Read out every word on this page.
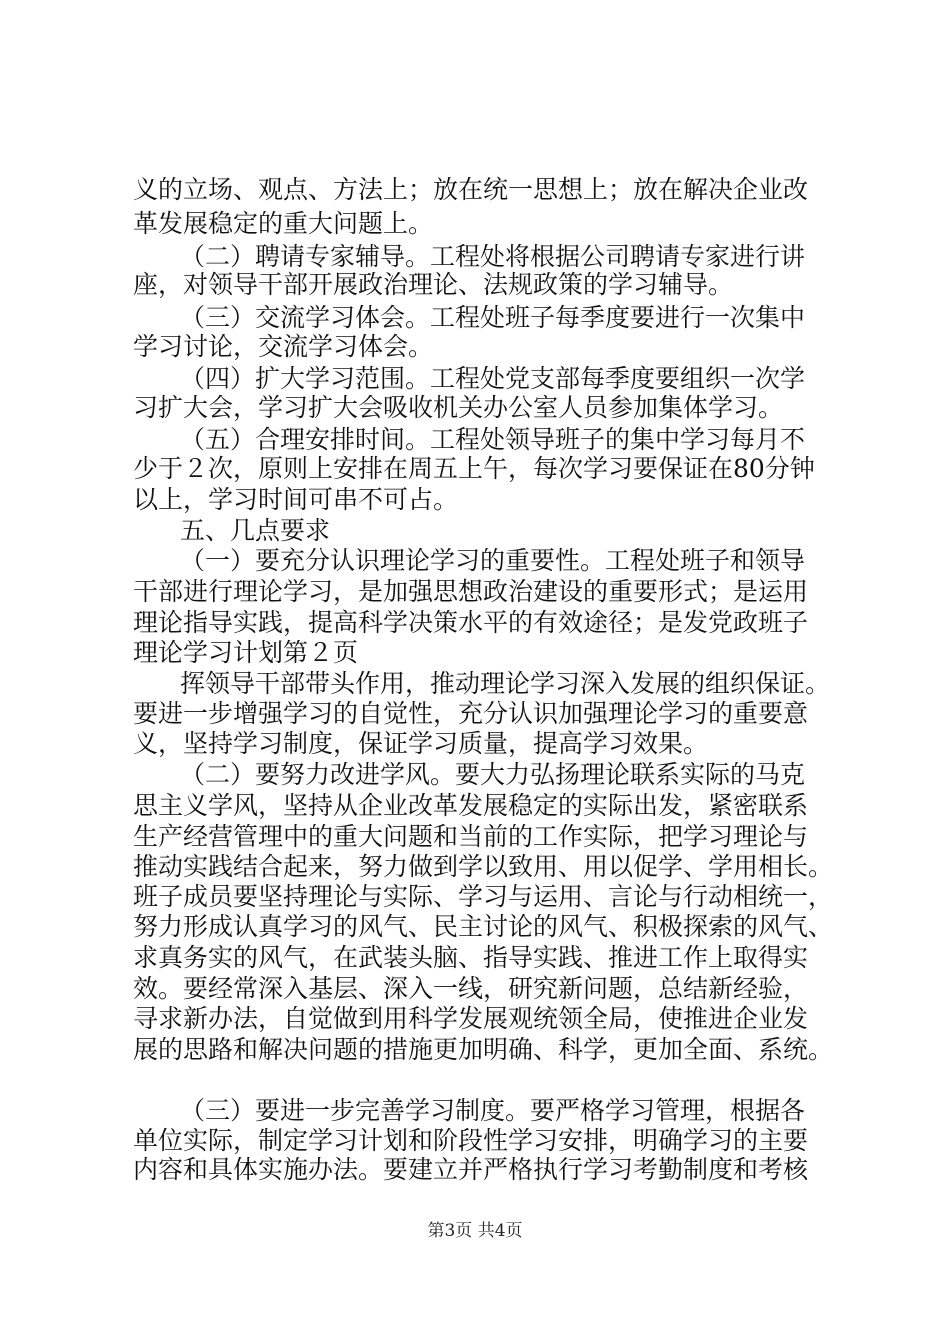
义的立场、观点、方法上；放在统一思想上；放在解决企业改
革发展稳定的重大问题上。
（二）聘请专家辅导。工程处将根据公司聘请专家进行讲
座，对领导干部开展政治理论、法规政策的学习辅导。
（三）交流学习体会。工程处班子每季度要进行一次集中
学习讨论，交流学习体会。
（四）扩大学习范围。工程处党支部每季度要组织一次学
习扩大会，学习扩大会吸收机关办公室人员参加集体学习。
（五）合理安排时间。工程处领导班子的集中学习每月不
少于２次，原则上安排在周五上午，每次学习要保证在80分钟
以上，学习时间可串不可占。
五、几点要求
（一）要充分认识理论学习的重要性。工程处班子和领导
干部进行理论学习，是加强思想政治建设的重要形式；是运用
理论指导实践，提高科学决策水平的有效途径；是发党政班子
理论学习计划第２页
挥领导干部带头作用，推动理论学习深入发展的组织保证。
要进一步增强学习的自觉性，充分认识加强理论学习的重要意
义，坚持学习制度，保证学习质量，提高学习效果。
（二）要努力改进学风。要大力弘扬理论联系实际的马克
思主义学风，坚持从企业改革发展稳定的实际出发，紧密联系
生产经营管理中的重大问题和当前的工作实际，把学习理论与
推动实践结合起来，努力做到学以致用、用以促学、学用相长。
班子成员要坚持理论与实际、学习与运用、言论与行动相统一，
努力形成认真学习的风气、民主讨论的风气、积极探索的风气、
求真务实的风气，在武装头脑、指导实践、推进工作上取得实
效。要经常深入基层、深入一线，研究新问题，总结新经验，
寻求新办法，自觉做到用科学发展观统领全局，使推进企业发
展的思路和解决问题的措施更加明确、科学，更加全面、系统。
（三）要进一步完善学习制度。要严格学习管理，根据各
单位实际，制定学习计划和阶段性学习安排，明确学习的主要
内容和具体实施办法。要建立并严格执行学习考勤制度和考核
第3页 共4页
